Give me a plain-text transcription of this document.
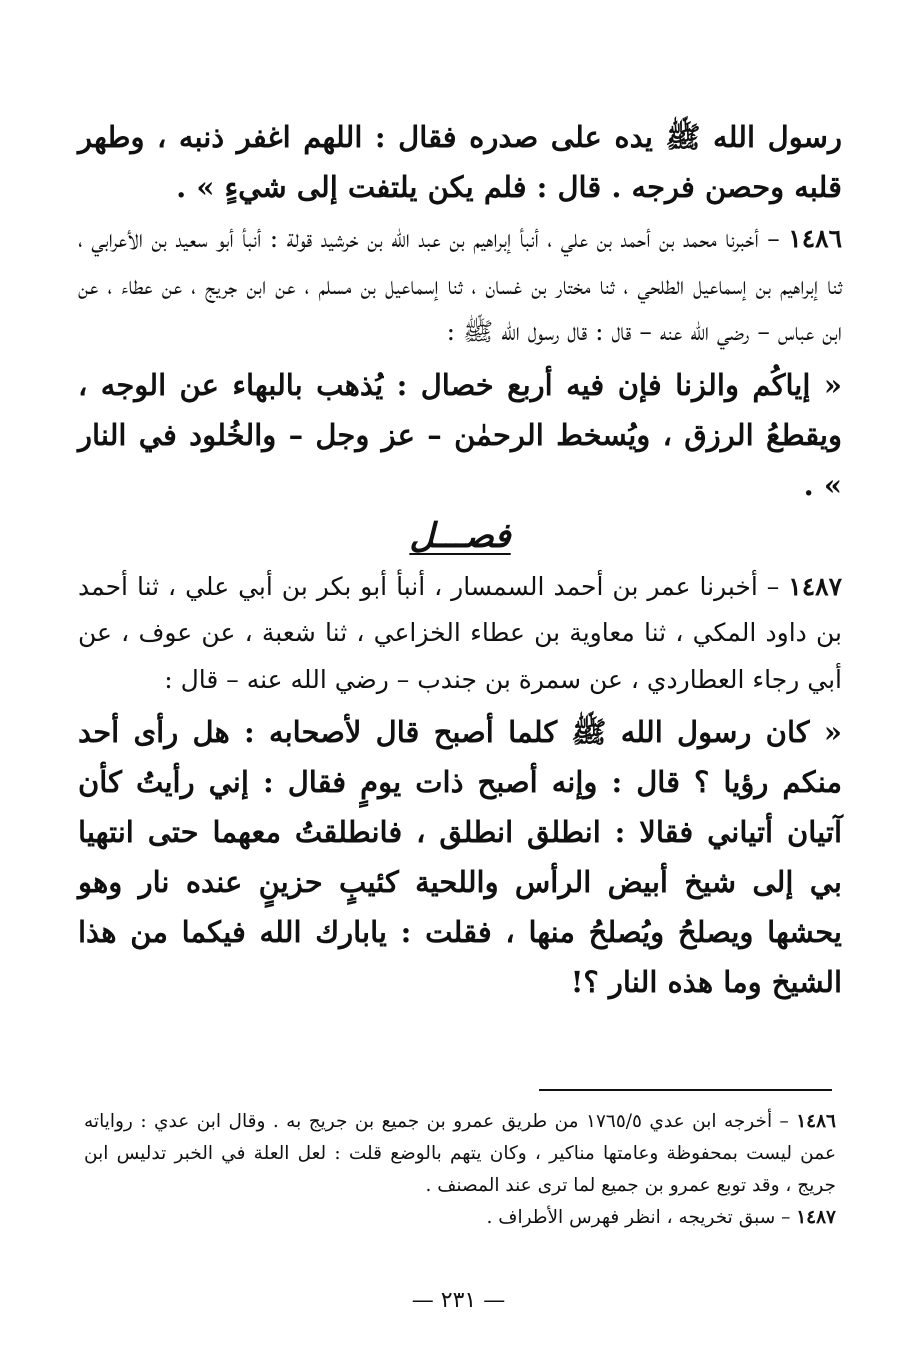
رسول الله ﷺ يده على صدره فقال : اللهم اغفر ذنبه ، وطهر قلبه وحصن فرجه . قال : فلم يكن يلتفت إلى شيءٍ » .

١٤٨٦ – أخبرنا محمد بن أحمد بن علي ، أنبأ إبراهيم بن عبد الله بن خرشيد قولة : أنبأ أبو سعيد بن الأعرابي ، ثنا إبراهيم بن إسماعيل الطلحي ، ثنا مختار بن غسان ، ثنا إسماعيل بن مسلم ، عن ابن جريج ، عن عطاء ، عن ابن عباس – رضي الله عنه – قال : قال رسول الله ﷺ :

« إياكُم والزنا فإن فيه أربع خصال : يُذهب بالبهاء عن الوجه ، ويقطعُ الرزق ، ويُسخط الرحمٰن – عز وجل – والخُلود في النار » .

فصـــل

١٤٨٧ – أخبرنا عمر بن أحمد السمسار ، أنبأ أبو بكر بن أبي علي ، ثنا أحمد بن داود المكي ، ثنا معاوية بن عطاء الخزاعي ، ثنا شعبة ، عن عوف ، عن أبي رجاء العطاردي ، عن سمرة بن جندب – رضي الله عنه – قال :

« كان رسول الله ﷺ كلما أصبح قال لأصحابه : هل رأى أحد منكم رؤيا ؟ قال : وإنه أصبح ذات يومٍ فقال : إني رأيتُ كأن آتيان أتياني فقالا : انطلق انطلق ، فانطلقتُ معهما حتى انتهيا بي إلى شيخ أبيض الرأس واللحية كئيبٍ حزينٍ عنده نار وهو يحشها ويصلحُ ويُصلحُ منها ، فقلت : يابارك الله فيكما من هذا الشيخ وما هذه النار ؟!

١٤٨٦ – أخرجه ابن عدي ١٧٦٥/٥ من طريق عمرو بن جميع بن جريج به . وقال ابن عدي : رواياته عمن ليست بمحفوظة وعامتها مناكير ، وكان يتهم بالوضع قلت : لعل العلة في الخبر تدليس ابن جريج ، وقد توبع عمرو بن جميع لما ترى عند المصنف .

١٤٨٧ – سبق تخريجه ، انظر فهرس الأطراف .

— ٢٣١ —
